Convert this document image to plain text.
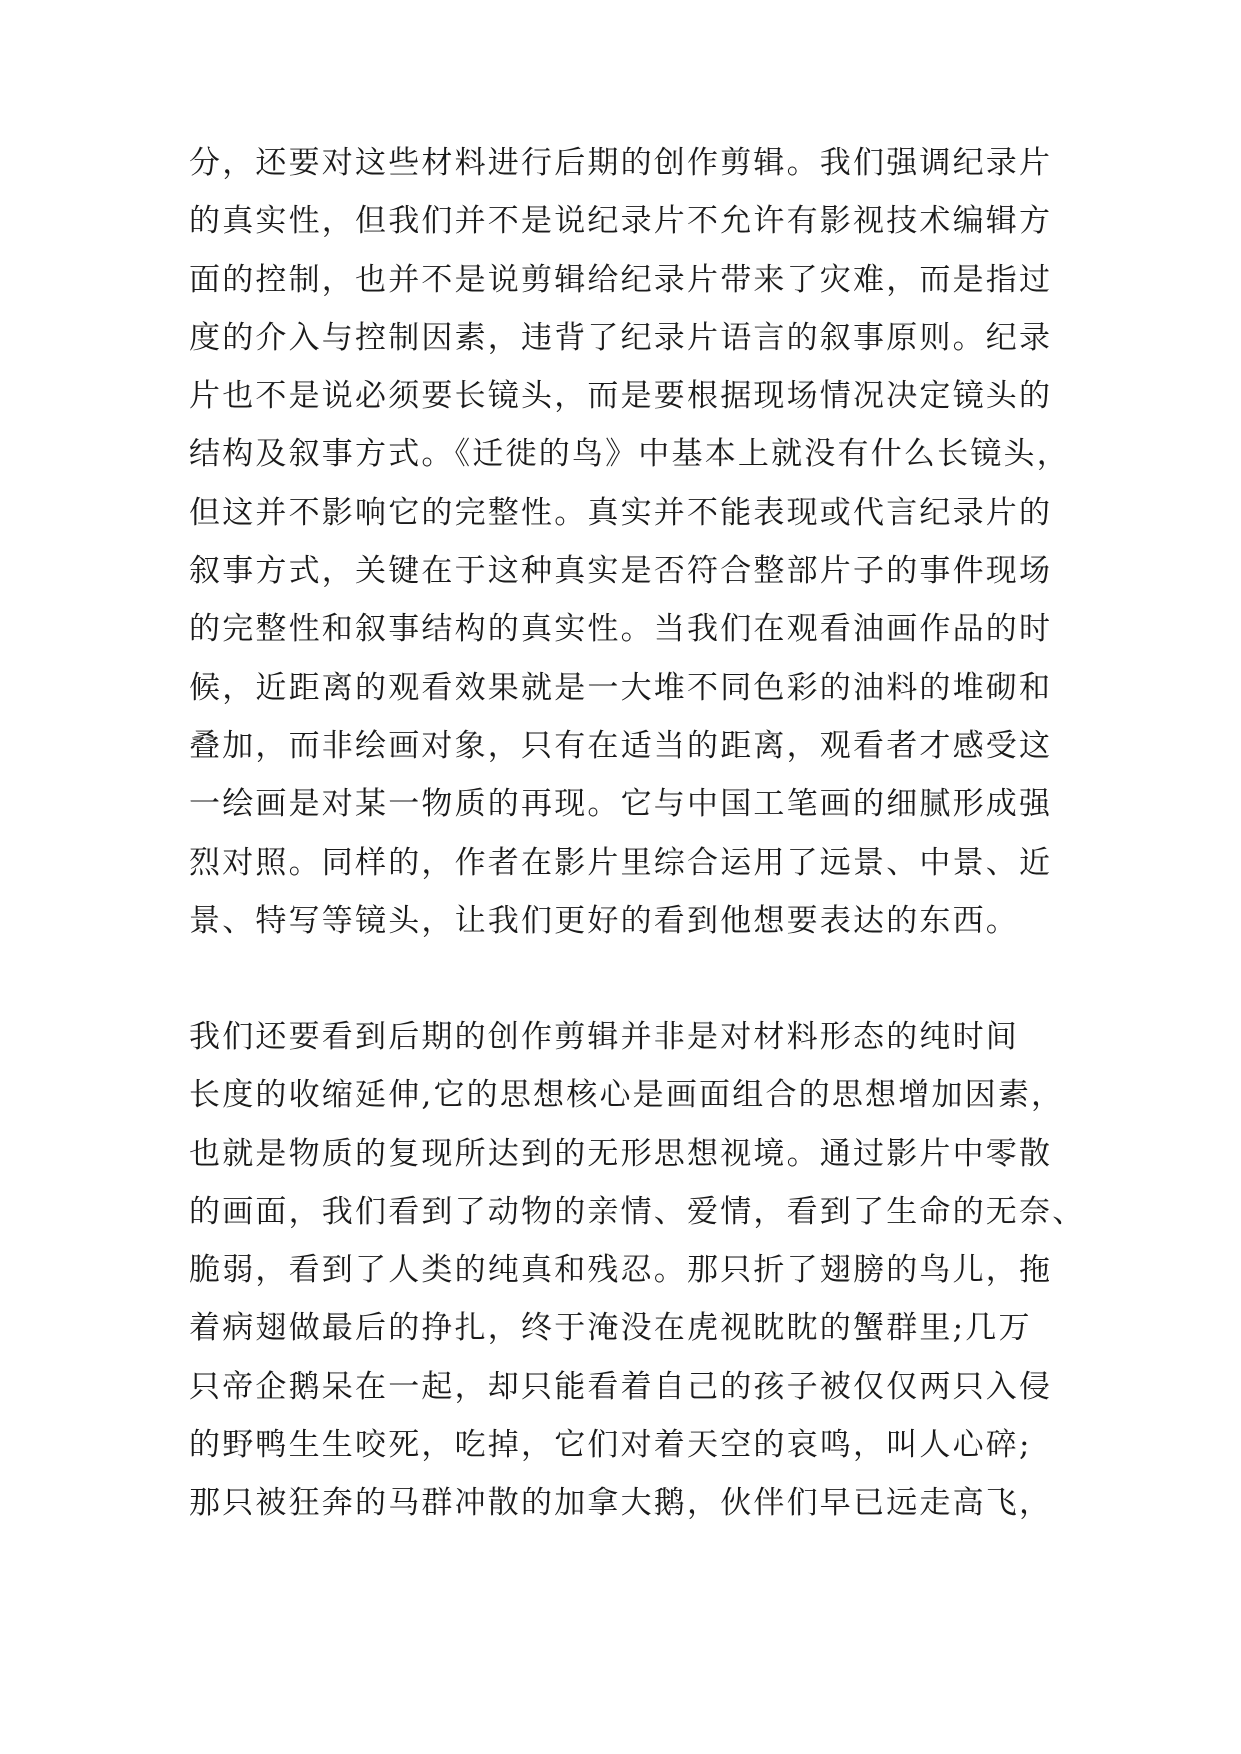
分，还要对这些材料进行后期的创作剪辑。我们强调纪录片
的真实性，但我们并不是说纪录片不允许有影视技术编辑方
面的控制，也并不是说剪辑给纪录片带来了灾难，而是指过
度的介入与控制因素，违背了纪录片语言的叙事原则。纪录
片也不是说必须要长镜头，而是要根据现场情况决定镜头的
结构及叙事方式。《迁徙的鸟》中基本上就没有什么长镜头，
但这并不影响它的完整性。真实并不能表现或代言纪录片的
叙事方式，关键在于这种真实是否符合整部片子的事件现场
的完整性和叙事结构的真实性。当我们在观看油画作品的时
候，近距离的观看效果就是一大堆不同色彩的油料的堆砌和
叠加，而非绘画对象，只有在适当的距离，观看者才感受这
一绘画是对某一物质的再现。它与中国工笔画的细腻形成强
烈对照。同样的，作者在影片里综合运用了远景、中景、近
景、特写等镜头，让我们更好的看到他想要表达的东西。

我们还要看到后期的创作剪辑并非是对材料形态的纯时间
长度的收缩延伸,它的思想核心是画面组合的思想增加因素，
也就是物质的复现所达到的无形思想视境。通过影片中零散
的画面，我们看到了动物的亲情、爱情，看到了生命的无奈、
脆弱，看到了人类的纯真和残忍。那只折了翅膀的鸟儿，拖
着病翅做最后的挣扎，终于淹没在虎视眈眈的蟹群里;几万
只帝企鹅呆在一起，却只能看着自己的孩子被仅仅两只入侵
的野鸭生生咬死，吃掉，它们对着天空的哀鸣，叫人心碎;
那只被狂奔的马群冲散的加拿大鹅，伙伴们早已远走高飞，
